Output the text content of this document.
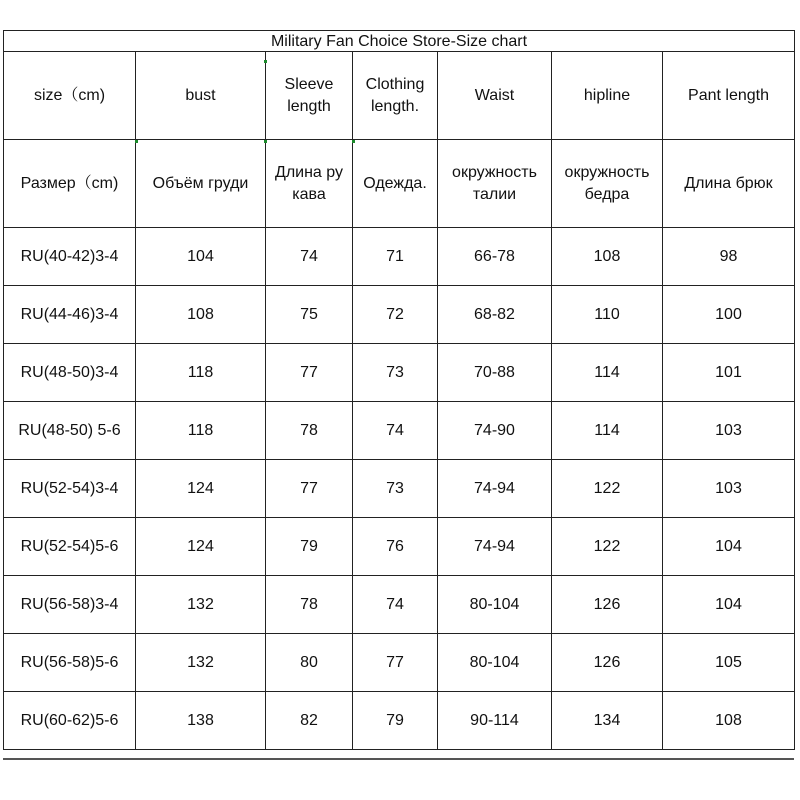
Military Fan Choice Store-Size chart						
size（cm)	bust	Sleeve length	Clothing length.	Waist	hipline	Pant length
Размер（cm)	Объём груди	Длина ру кава	Одежда.	окружность талии	окружность бедра	Длина брюк
RU(40-42)3-4	104	74	71	66-78	108	98
RU(44-46)3-4	108	75	72	68-82	110	100
RU(48-50)3-4	118	77	73	70-88	114	101
RU(48-50) 5-6	118	78	74	74-90	114	103
RU(52-54)3-4	124	77	73	74-94	122	103
RU(52-54)5-6	124	79	76	74-94	122	104
RU(56-58)3-4	132	78	74	80-104	126	104
RU(56-58)5-6	132	80	77	80-104	126	105
RU(60-62)5-6	138	82	79	90-114	134	108
